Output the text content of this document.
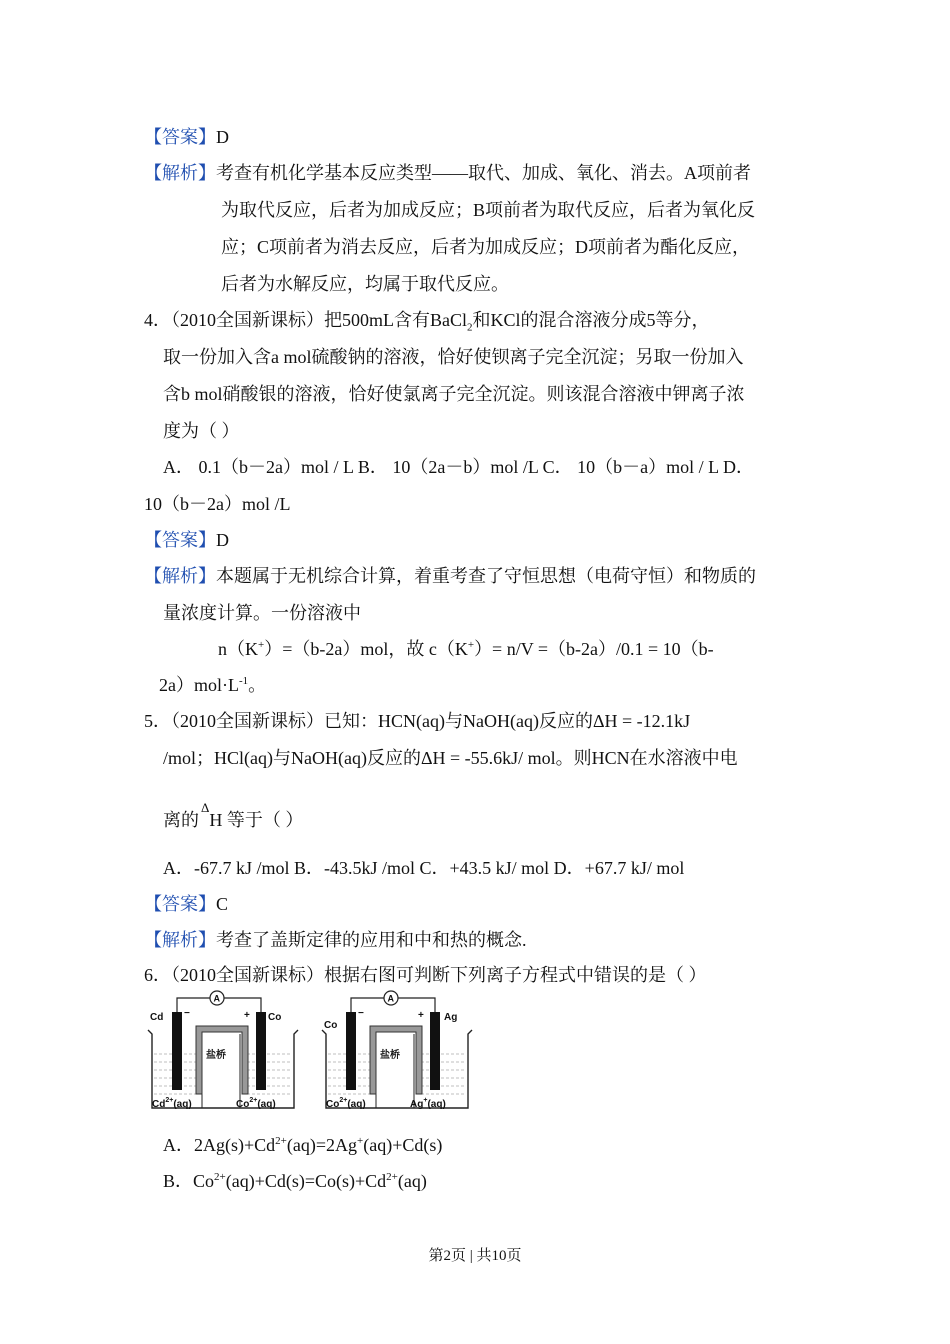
【答案】D
【解析】考查有机化学基本反应类型——取代、加成、氧化、消去。A项前者
为取代反应，后者为加成反应；B项前者为取代反应，后者为氧化反
应；C项前者为消去反应，后者为加成反应；D项前者为酯化反应，
后者为水解反应，均属于取代反应。
4．（2010全国新课标）把500mL含有BaCl$_2$和KCl的混合溶液分成5等分，
取一份加入含a mol硫酸钠的溶液，恰好使钡离子完全沉淀；另取一份加入
含b mol硝酸银的溶液，恰好使氯离子完全沉淀。则该混合溶液中钾离子浓
度为（ ）
A． 0.1（b－2a）mol / L B． 10（2a－b）mol /L C． 10（b－a）mol / L D．
10（b－2a）mol /L
【答案】D
【解析】本题属于无机综合计算，着重考查了守恒思想（电荷守恒）和物质的
量浓度计算。一份溶液中
n（K+）=（b-2a）mol，故 c（K+）= n/V =（b-2a）/0.1 = 10（b-
$2a)mol\cdot L^{-1}$。
5．（2010全国新课标）已知：HCN(aq)与NaOH(aq)反应的ΔH = -12.1kJ
/mol；HCl(aq)与NaOH(aq)反应的ΔH = -55.6kJ/ mol。则HCN在水溶液中电
离的$^\Delta$H 等于（ ）
A．-67.7 kJ /mol B．-43.5kJ /mol C．+43.5 kJ/ mol D．+67.7 kJ/ mol
【答案】C
【解析】考查了盖斯定律的应用和中和热的概念.
6．（2010全国新课标）根据右图可判断下列离子方程式中错误的是（ ）
A
−	+
Cd	Co
盐桥
$Cd^{2+}(aq)$	$Co^{2+}(aq)$
A
−	+
Co
Ag
盐桥
$Co^{2+}(aq)$	Ag+(aq)
A．$2Ag(s)+Cd^{2+}(aq)=2Ag^+(aq)+Cd(s)$
B．$Co^{2+}(aq)+Cd(s)=Co(s)+Cd^{2+}(aq)$
第2页 | 共10页
